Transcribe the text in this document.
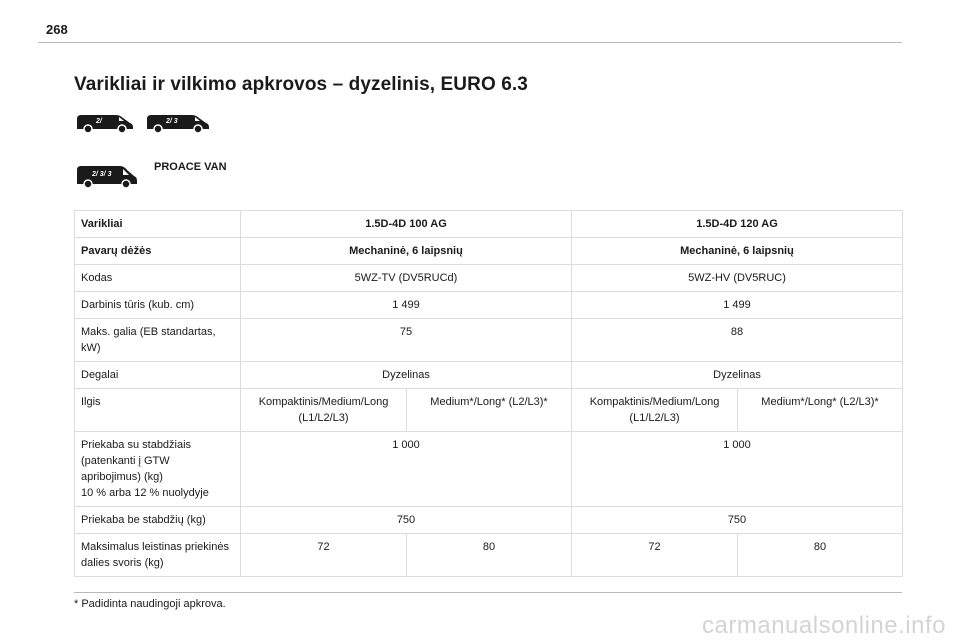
268
Varikliai ir vilkimo apkrovos – dyzelinis, EURO 6.3
2/	2/ 3
2/ 3/ 3
PROACE VAN
Varikliai	1.5D-4D 100 AG		1.5D-4D 120 AG	
Pavarų dėžės	Mechaninė, 6 laipsnių		Mechaninė, 6 laipsnių	
Kodas	5WZ-TV (DV5RUCd)		5WZ-HV (DV5RUC)	
Darbinis tūris (kub. cm)	1 499		1 499	
Maks. galia (EB standartas, kW)	75		88	
Degalai	Dyzelinas		Dyzelinas	
Ilgis	Kompaktinis/Medium/Long (L1/L2/L3)	Medium*/Long* (L2/L3)*	Kompaktinis/Medium/Long (L1/L2/L3)	Medium*/Long* (L2/L3)*

Priekaba su stabdžiais
(patenkanti į GTW
apribojimus) (kg)
10 % arba 12 % nuolydyje	1 000		1 000	
Priekaba be stabdžių (kg)	750		750	
Maksimalus leistinas priekinės dalies svoris (kg)	72	80	72	80
* Padidinta naudingoji apkrova.
carmanualsonline.info
